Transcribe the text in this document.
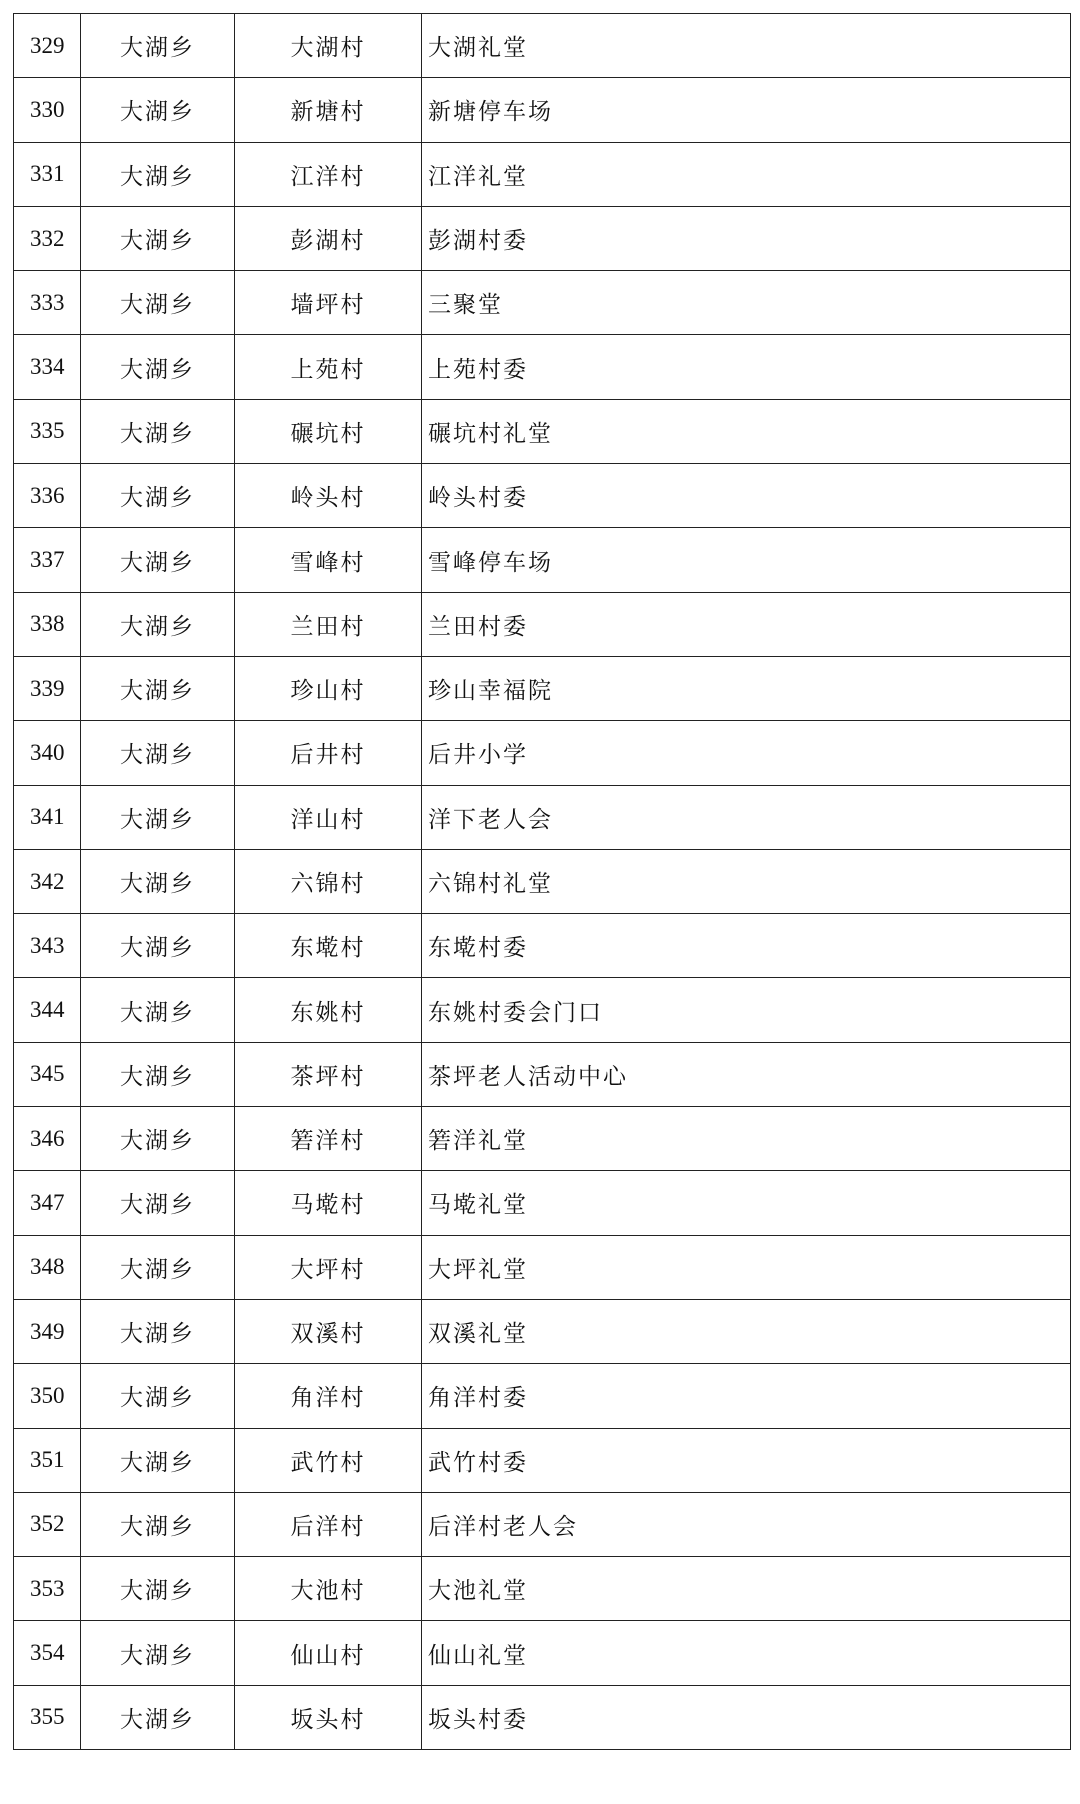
329	大湖乡	大湖村	大湖礼堂
330	大湖乡	新塘村	新塘停车场
331	大湖乡	江洋村	江洋礼堂
332	大湖乡	彭湖村	彭湖村委
333	大湖乡	墙坪村	三聚堂
334	大湖乡	上苑村	上苑村委
335	大湖乡	碾坑村	碾坑村礼堂
336	大湖乡	岭头村	岭头村委
337	大湖乡	雪峰村	雪峰停车场
338	大湖乡	兰田村	兰田村委
339	大湖乡	珍山村	珍山幸福院
340	大湖乡	后井村	后井小学
341	大湖乡	洋山村	洋下老人会
342	大湖乡	六锦村	六锦村礼堂
343	大湖乡	东墘村	东墘村委
344	大湖乡	东姚村	东姚村委会门口
345	大湖乡	茶坪村	茶坪老人活动中心
346	大湖乡	箬洋村	箬洋礼堂
347	大湖乡	马墘村	马墘礼堂
348	大湖乡	大坪村	大坪礼堂
349	大湖乡	双溪村	双溪礼堂
350	大湖乡	角洋村	角洋村委
351	大湖乡	武竹村	武竹村委
352	大湖乡	后洋村	后洋村老人会
353	大湖乡	大池村	大池礼堂
354	大湖乡	仙山村	仙山礼堂
355	大湖乡	坂头村	坂头村委
